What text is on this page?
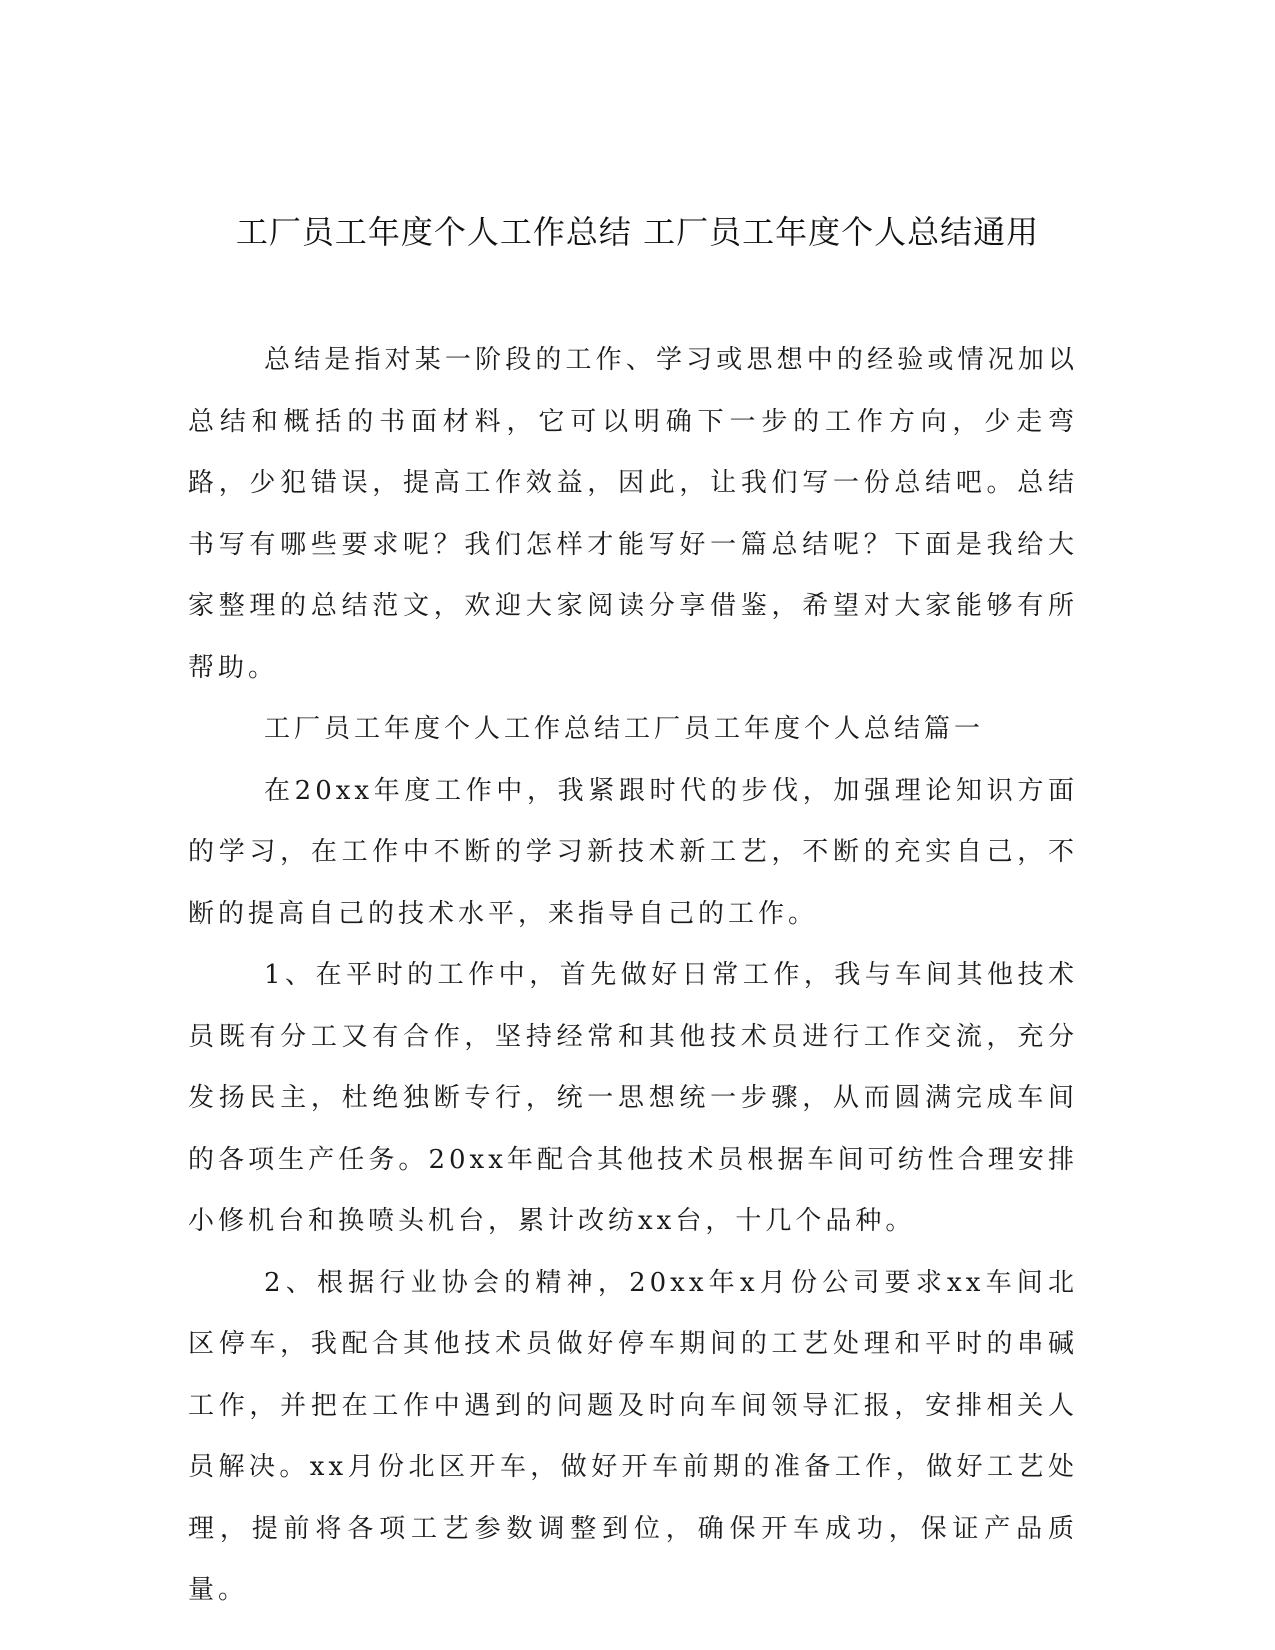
工厂员工年度个人工作总结 工厂员工年度个人总结通用

总结是指对某一阶段的工作、学习或思想中的经验或情况加以总结和概括的书面材料，它可以明确下一步的工作方向，少走弯路，少犯错误，提高工作效益，因此，让我们写一份总结吧。总结书写有哪些要求呢？我们怎样才能写好一篇总结呢？下面是我给大家整理的总结范文，欢迎大家阅读分享借鉴，希望对大家能够有所帮助。

工厂员工年度个人工作总结工厂员工年度个人总结篇一

在20xx年度工作中，我紧跟时代的步伐，加强理论知识方面的学习，在工作中不断的学习新技术新工艺，不断的充实自己，不断的提高自己的技术水平，来指导自己的工作。

1、在平时的工作中，首先做好日常工作，我与车间其他技术员既有分工又有合作，坚持经常和其他技术员进行工作交流，充分发扬民主，杜绝独断专行，统一思想统一步骤，从而圆满完成车间的各项生产任务。20xx年配合其他技术员根据车间可纺性合理安排小修机台和换喷头机台，累计改纺xx台，十几个品种。

2、根据行业协会的精神，20xx年x月份公司要求xx车间北区停车，我配合其他技术员做好停车期间的工艺处理和平时的串碱工作，并把在工作中遇到的问题及时向车间领导汇报，安排相关人员解决。xx月份北区开车，做好开车前期的准备工作，做好工艺处理，提前将各项工艺参数调整到位，确保开车成功，保证产品质量。
